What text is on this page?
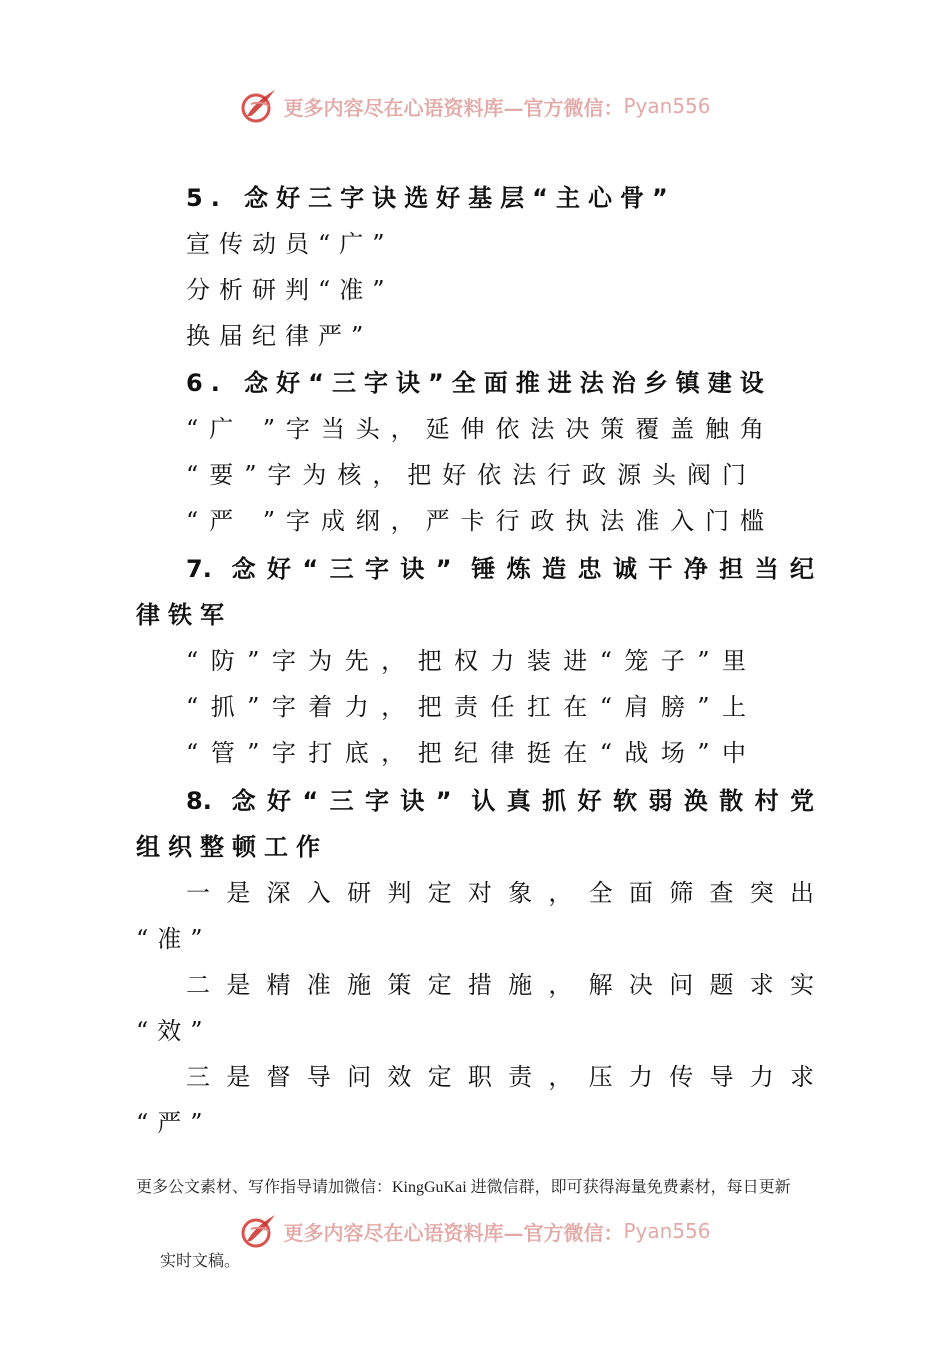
更多内容尽在心语资料库—官方微信： Pyan556
5. 念好三字诀选好基层“主心骨”
宣传动员“广”
分析研判“准”
换届纪律严”
6. 念好“三字诀”全面推进法治乡镇建设
“广 ”字当头，延伸依法决策覆盖触角
“要”字为核，把好依法行政源头阀门
“严 ”字成纲，严卡行政执法准入门槛
7. 念好“三字诀” 锤炼造忠诚干净担当纪
律铁军
“防”字为先，把权力装进“笼子”里
“抓”字着力，把责任扛在“肩膀”上
“管”字打底，把纪律挺在“战场”中
8. 念好“三字诀” 认真抓好软弱涣散村党
组织整顿工作
一是深入研判定对象，全面筛查突出
“准”
二是精准施策定措施，解决问题求实
“效”
三是督导问效定职责，压力传导力求
“严”
更多公文素材、写作指导请加微信：KingGuKai 进微信群，即可获得海量免费素材，每日更新
更多内容尽在心语资料库—官方微信： Pyan556
实时文稿。
